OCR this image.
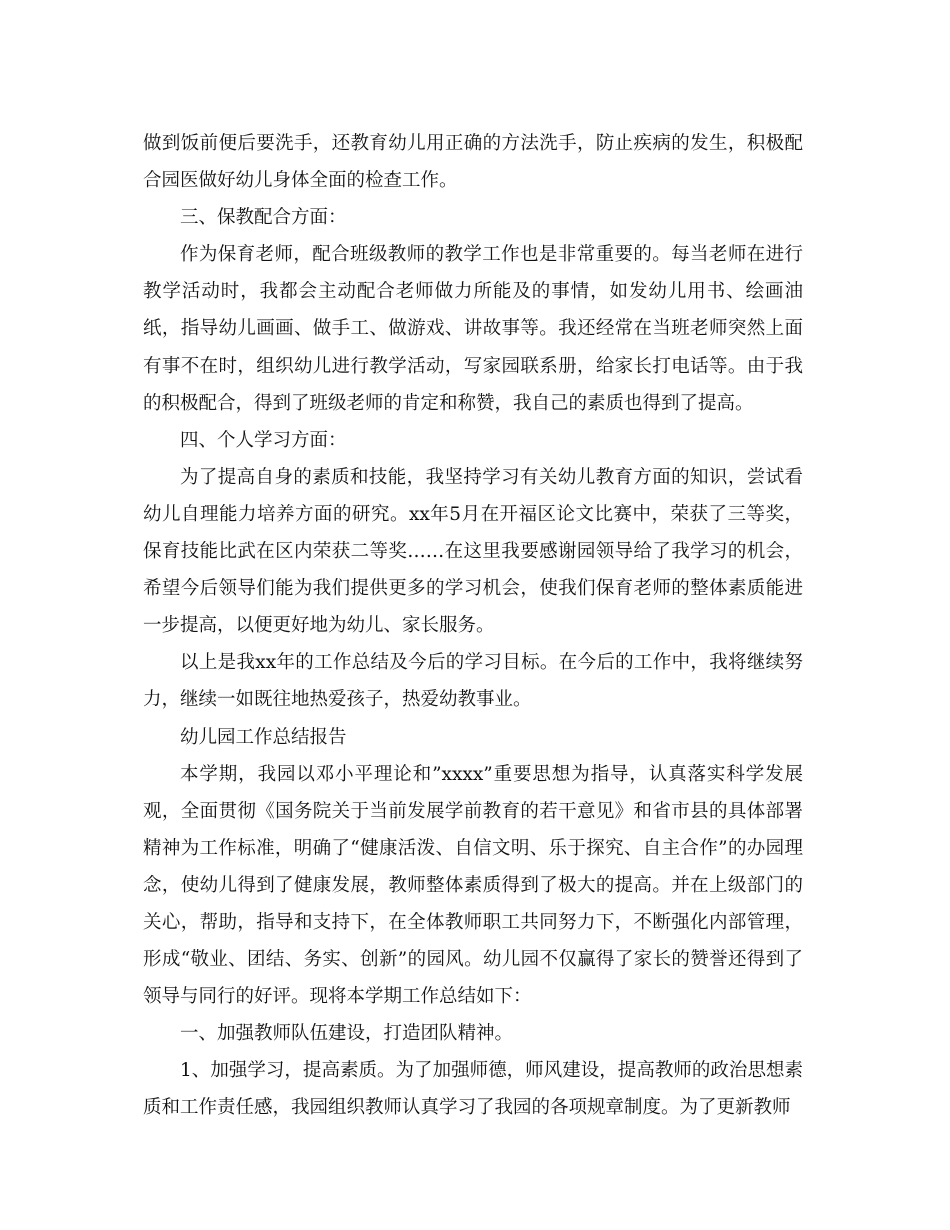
做到饭前便后要洗手，还教育幼儿用正确的方法洗手，防止疾病的发生，积极配合园医做好幼儿身体全面的检查工作。

三、保教配合方面：

作为保育老师，配合班级教师的教学工作也是非常重要的。每当老师在进行教学活动时，我都会主动配合老师做力所能及的事情，如发幼儿用书、绘画油纸，指导幼儿画画、做手工、做游戏、讲故事等。我还经常在当班老师突然上面有事不在时，组织幼儿进行教学活动，写家园联系册，给家长打电话等。由于我的积极配合，得到了班级老师的肯定和称赞，我自己的素质也得到了提高。

四、个人学习方面：

为了提高自身的素质和技能，我坚持学习有关幼儿教育方面的知识，尝试看幼儿自理能力培养方面的研究。xx年5月在开福区论文比赛中，荣获了三等奖，保育技能比武在区内荣获二等奖……在这里我要感谢园领导给了我学习的机会，希望今后领导们能为我们提供更多的学习机会，使我们保育老师的整体素质能进一步提高，以便更好地为幼儿、家长服务。

以上是我xx年的工作总结及今后的学习目标。在今后的工作中，我将继续努力，继续一如既往地热爱孩子，热爱幼教事业。

幼儿园工作总结报告

本学期，我园以邓小平理论和”xxxx”重要思想为指导，认真落实科学发展观，全面贯彻《国务院关于当前发展学前教育的若干意见》和省市县的具体部署精神为工作标准，明确了“健康活泼、自信文明、乐于探究、自主合作”的办园理念，使幼儿得到了健康发展，教师整体素质得到了极大的提高。并在上级部门的关心，帮助，指导和支持下，在全体教师职工共同努力下，不断强化内部管理，形成“敬业、团结、务实、创新”的园风。幼儿园不仅赢得了家长的赞誉还得到了领导与同行的好评。现将本学期工作总结如下：

一、加强教师队伍建设，打造团队精神。

1、加强学习，提高素质。为了加强师德，师风建设，提高教师的政治思想素质和工作责任感，我园组织教师认真学习了我园的各项规章制度。为了更新教师
